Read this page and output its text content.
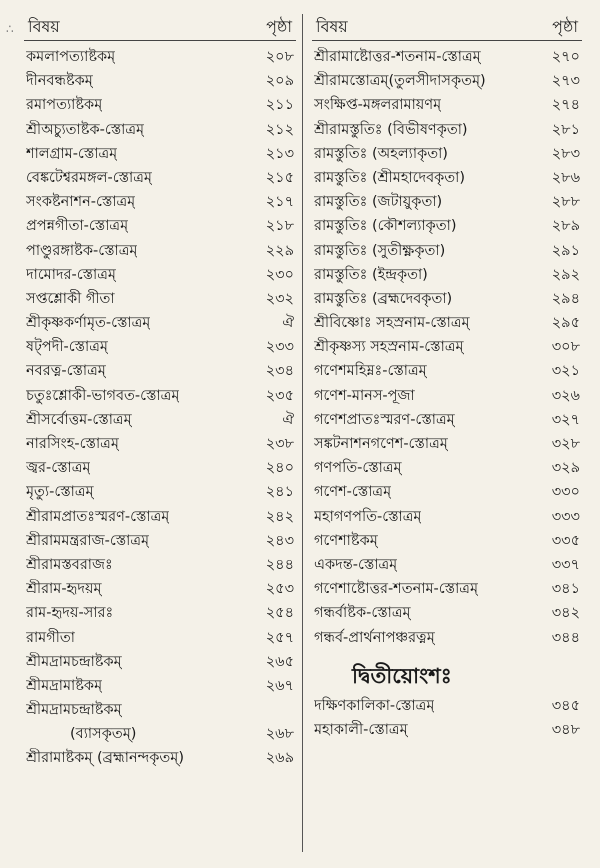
∴ বিষয়	পৃষ্ঠা
কমলাপত্যাষ্টকম্	২০৮
দীনবন্ধষ্টকম্	২০৯
রমাপত্যাষ্টকম্	২১১
শ্রীঅচ্যুতাষ্টক-স্তোত্রম্	২১২
শালগ্রাম-স্তোত্রম্	২১৩
বেঙ্কটেশ্বরমঙ্গল-স্তোত্রম্	২১৫
সংকষ্টনাশন-স্তোত্রম্	২১৭
প্রপন্নগীতা-স্তোত্রম্	২১৮
পাণ্ডুরঙ্গাষ্টক-স্তোত্রম্	২২৯
দামোদর-স্তোত্রম্	২৩০
সপ্তশ্লোকী গীতা	২৩২
শ্রীকৃষ্ণকর্ণামৃত-স্তোত্রম্	ঐ
ষট্পদী-স্তোত্রম্	২৩৩
নবরত্ন-স্তোত্রম্	২৩৪
চতুঃশ্লোকী-ভাগবত-স্তোত্রম্	২৩৫
শ্রীসর্বোত্তম-স্তোত্রম্	ঐ
নারসিংহ-স্তোত্রম্	২৩৮
জ্বর-স্তোত্রম্	২৪০
মৃত্যু-স্তোত্রম্	২৪১
শ্রীরামপ্রাতঃস্মরণ-স্তোত্রম্	২৪২
শ্রীরামমন্ত্ররাজ-স্তোত্রম্	২৪৩
শ্রীরামস্তবরাজঃ	২৪৪
শ্রীরাম-হৃদয়ম্	২৫৩
রাম-হৃদয়-সারঃ	২৫৪
রামগীতা	২৫৭
শ্রীমদ্রামচন্দ্রাষ্টকম্	২৬৫
শ্রীমদ্রামাষ্টকম্	২৬৭
শ্রীমদ্রামচন্দ্রাষ্টকম্
(ব্যাসকৃতম্)	২৬৮
শ্রীরামাষ্টকম্ (ব্রহ্মানন্দকৃতম্)	২৬৯
বিষয়	পৃষ্ঠা
শ্রীরামাষ্টোত্তর-শতনাম-স্তোত্রম্	২৭০
শ্রীরামস্তোত্রম্(তুলসীদাসকৃতম্)	২৭৩
সংক্ষিপ্ত-মঙ্গলরামায়ণম্	২৭৪
শ্রীরামস্তুতিঃ (বিভীষণকৃতা)	২৮১
রামস্তুতিঃ (অহল্যাকৃতা)	২৮৩
রামস্তুতিঃ (শ্রীমহাদেবকৃতা)	২৮৬
রামস্তুতিঃ (জটায়ুকৃতা)	২৮৮
রামস্তুতিঃ (কৌশল্যাকৃতা)	২৮৯
রামস্তুতিঃ (সুতীক্ষ্ণকৃতা)	২৯১
রামস্তুতিঃ (ইন্দ্রকৃতা)	২৯২
রামস্তুতিঃ (ব্রহ্মদেবকৃতা)	২৯৪
শ্রীবিষ্ণোঃ সহস্রনাম-স্তোত্রম্	২৯৫
শ্রীকৃষ্ণস্য সহস্রনাম-স্তোত্রম্	৩০৮
গণেশমহিম্নঃ-স্তোত্রম্	৩২১
গণেশ-মানস-পূজা	৩২৬
গণেশপ্রাতঃস্মরণ-স্তোত্রম্	৩২৭
সঙ্কটনাশনগণেশ-স্তোত্রম্	৩২৮
গণপতি-স্তোত্রম্	৩২৯
গণেশ-স্তোত্রম্	৩৩০
মহাগণপতি-স্তোত্রম্	৩৩৩
গণেশাষ্টকম্	৩৩৫
একদন্ত-স্তোত্রম্	৩৩৭
গণেশাষ্টোত্তর-শতনাম-স্তোত্রম্	৩৪১
গন্ধর্বাষ্টক-স্তোত্রম্	৩৪২
গন্ধর্ব-প্রার্থনাপঞ্চরত্নম্	৩৪৪
দ্বিতীয়োংশঃ
দক্ষিণকালিকা-স্তোত্রম্	৩৪৫
মহাকালী-স্তোত্রম্	৩৪৮
